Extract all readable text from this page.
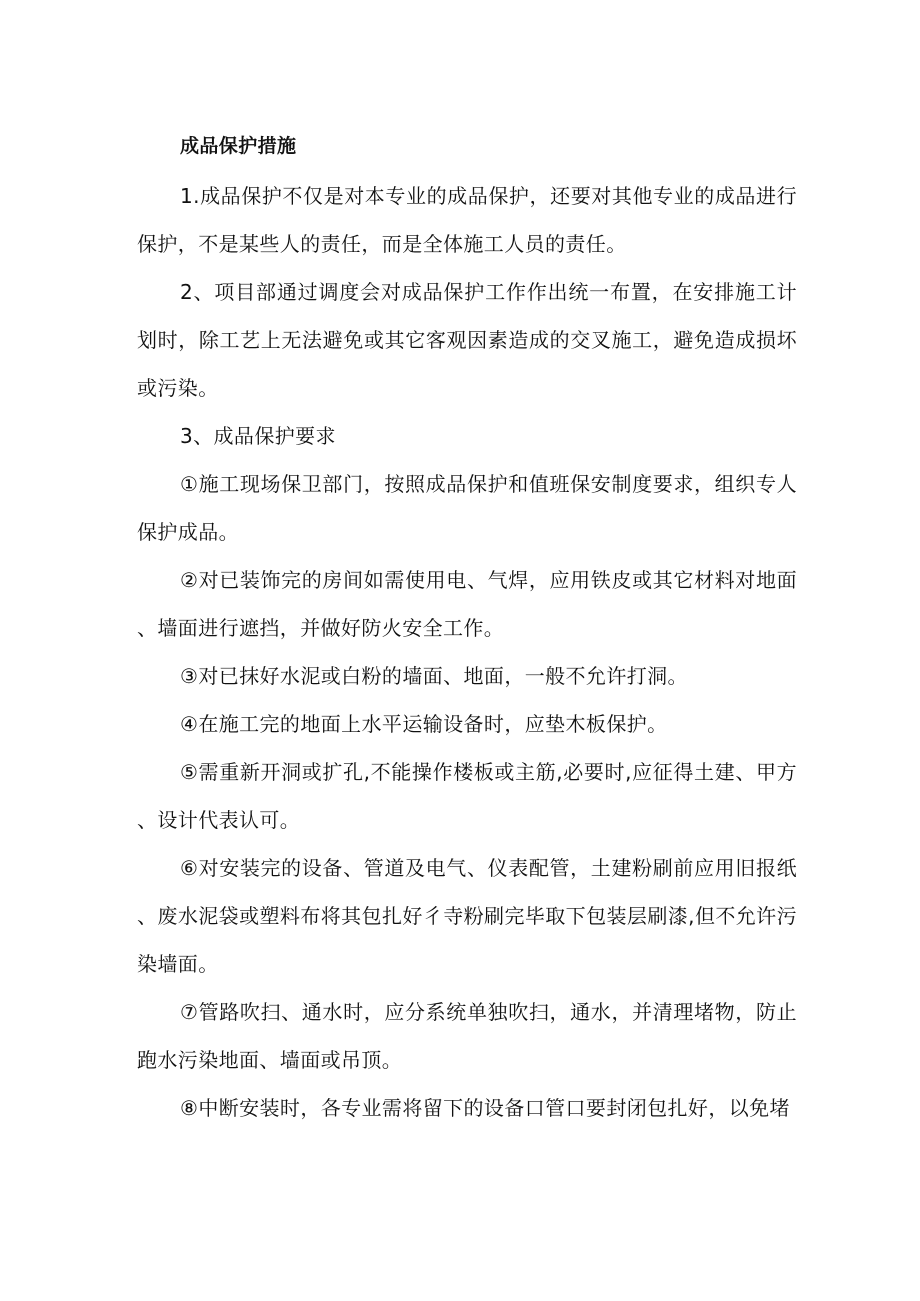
成品保护措施

1.成品保护不仅是对本专业的成品保护，还要对其他专业的成品进行保护，不是某些人的责任，而是全体施工人员的责任。

2、项目部通过调度会对成品保护工作作出统一布置，在安排施工计划时，除工艺上无法避免或其它客观因素造成的交叉施工，避免造成损坏或污染。

3、成品保护要求

①施工现场保卫部门，按照成品保护和值班保安制度要求，组织专人保护成品。

②对已装饰完的房间如需使用电、气焊，应用铁皮或其它材料对地面、墙面进行遮挡，并做好防火安全工作。

③对已抹好水泥或白粉的墙面、地面，一般不允许打洞。

④在施工完的地面上水平运输设备时，应垫木板保护。

⑤需重新开洞或扩孔,不能操作楼板或主筋,必要时,应征得土建、甲方、设计代表认可。

⑥对安装完的设备、管道及电气、仪表配管，土建粉刷前应用旧报纸、废水泥袋或塑料布将其包扎好彳寺粉刷完毕取下包装层刷漆,但不允许污染墙面。

⑦管路吹扫、通水时，应分系统单独吹扫，通水，并清理堵物，防止跑水污染地面、墙面或吊顶。

⑧中断安装时，各专业需将留下的设备口管口要封闭包扎好，以免堵
